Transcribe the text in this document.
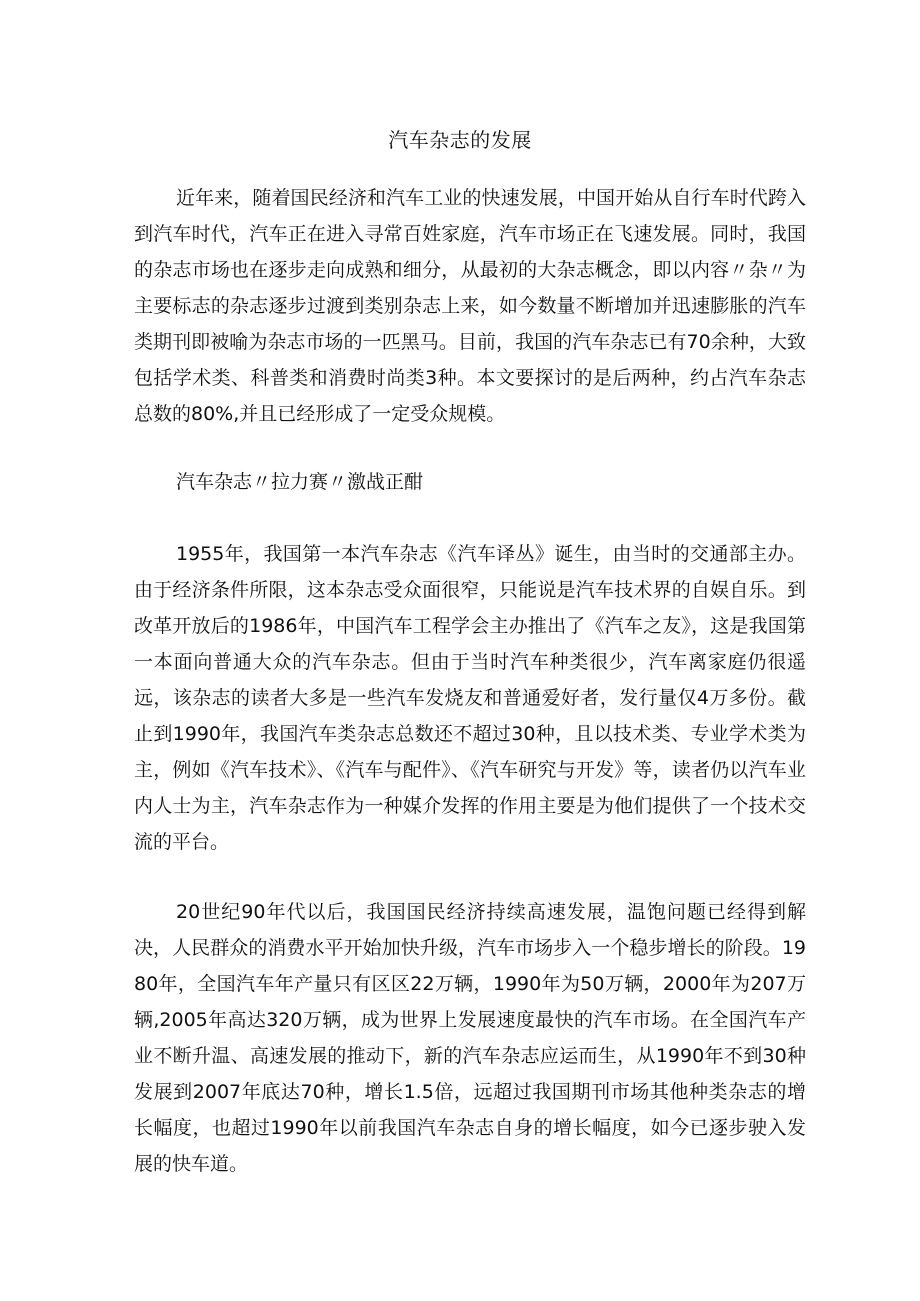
汽车杂志的发展

近年来，随着国民经济和汽车工业的快速发展，中国开始从自行车时代跨入到汽车时代，汽车正在进入寻常百姓家庭，汽车市场正在飞速发展。同时，我国的杂志市场也在逐步走向成熟和细分，从最初的大杂志概念，即以内容〃杂〃为主要标志的杂志逐步过渡到类别杂志上来，如今数量不断增加并迅速膨胀的汽车类期刊即被喻为杂志市场的一匹黑马。目前，我国的汽车杂志已有70余种，大致包括学术类、科普类和消费时尚类3种。本文要探讨的是后两种，约占汽车杂志总数的80%,并且已经形成了一定受众规模。

汽车杂志〃拉力赛〃激战正酣

1955年，我国第一本汽车杂志《汽车译丛》诞生，由当时的交通部主办。由于经济条件所限，这本杂志受众面很窄，只能说是汽车技术界的自娱自乐。到改革开放后的1986年，中国汽车工程学会主办推出了《汽车之友》，这是我国第一本面向普通大众的汽车杂志。但由于当时汽车种类很少，汽车离家庭仍很遥远，该杂志的读者大多是一些汽车发烧友和普通爱好者，发行量仅4万多份。截止到1990年，我国汽车类杂志总数还不超过30种，且以技术类、专业学术类为主，例如《汽车技术》、《汽车与配件》、《汽车研究与开发》等，读者仍以汽车业内人士为主，汽车杂志作为一种媒介发挥的作用主要是为他们提供了一个技术交流的平台。

20世纪90年代以后，我国国民经济持续高速发展，温饱问题已经得到解决，人民群众的消费水平开始加快升级，汽车市场步入一个稳步增长的阶段。1980年，全国汽车年产量只有区区22万辆，1990年为50万辆，2000年为207万辆,2005年高达320万辆，成为世界上发展速度最快的汽车市场。在全国汽车产业不断升温、高速发展的推动下，新的汽车杂志应运而生，从1990年不到30种发展到2007年底达70种，增长1.5倍，远超过我国期刊市场其他种类杂志的增长幅度，也超过1990年以前我国汽车杂志自身的增长幅度，如今已逐步驶入发展的快车道。
